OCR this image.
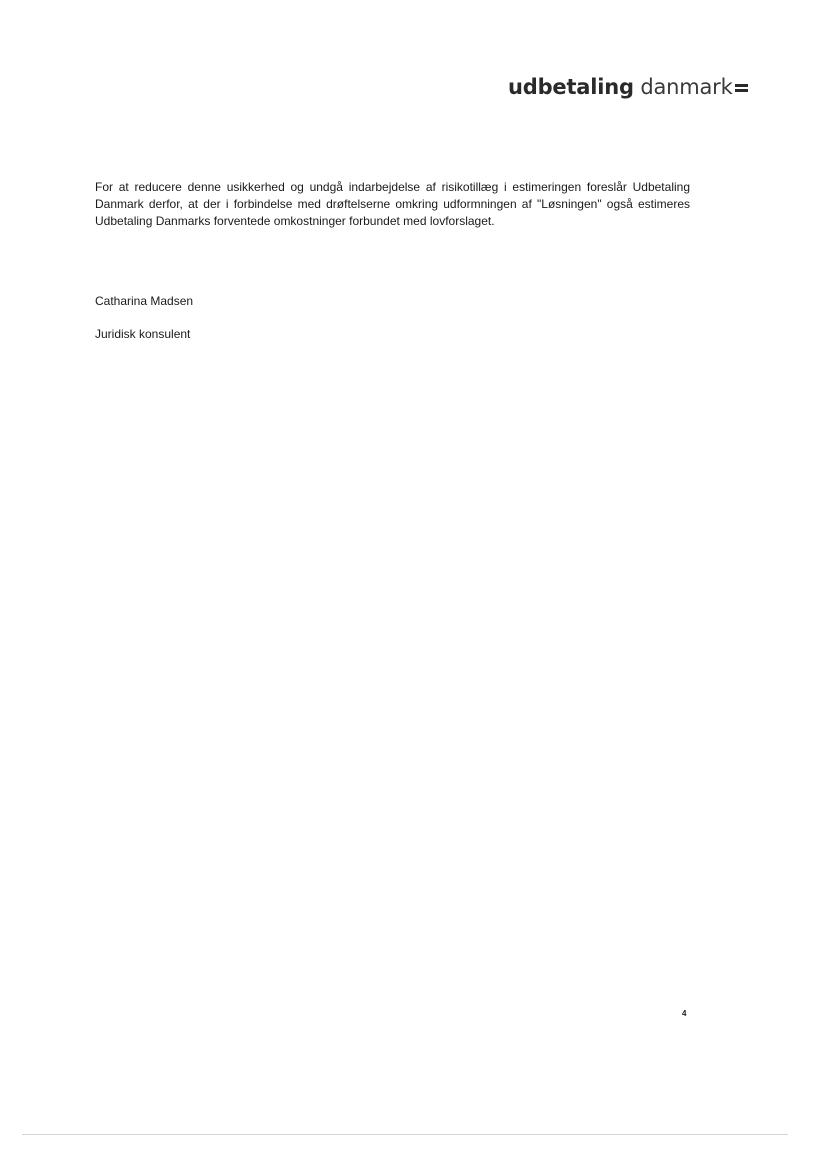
udbetaling danmark

For at reducere denne usikkerhed og undgå indarbejdelse af risikotillæg i estimeringen foreslår Udbetaling Danmark derfor, at der i forbindelse med drøftelserne omkring udformningen af "Løsningen" også estimeres Udbetaling Danmarks forventede omkostninger forbundet med lovforslaget.

Catharina Madsen

Juridisk konsulent

4
